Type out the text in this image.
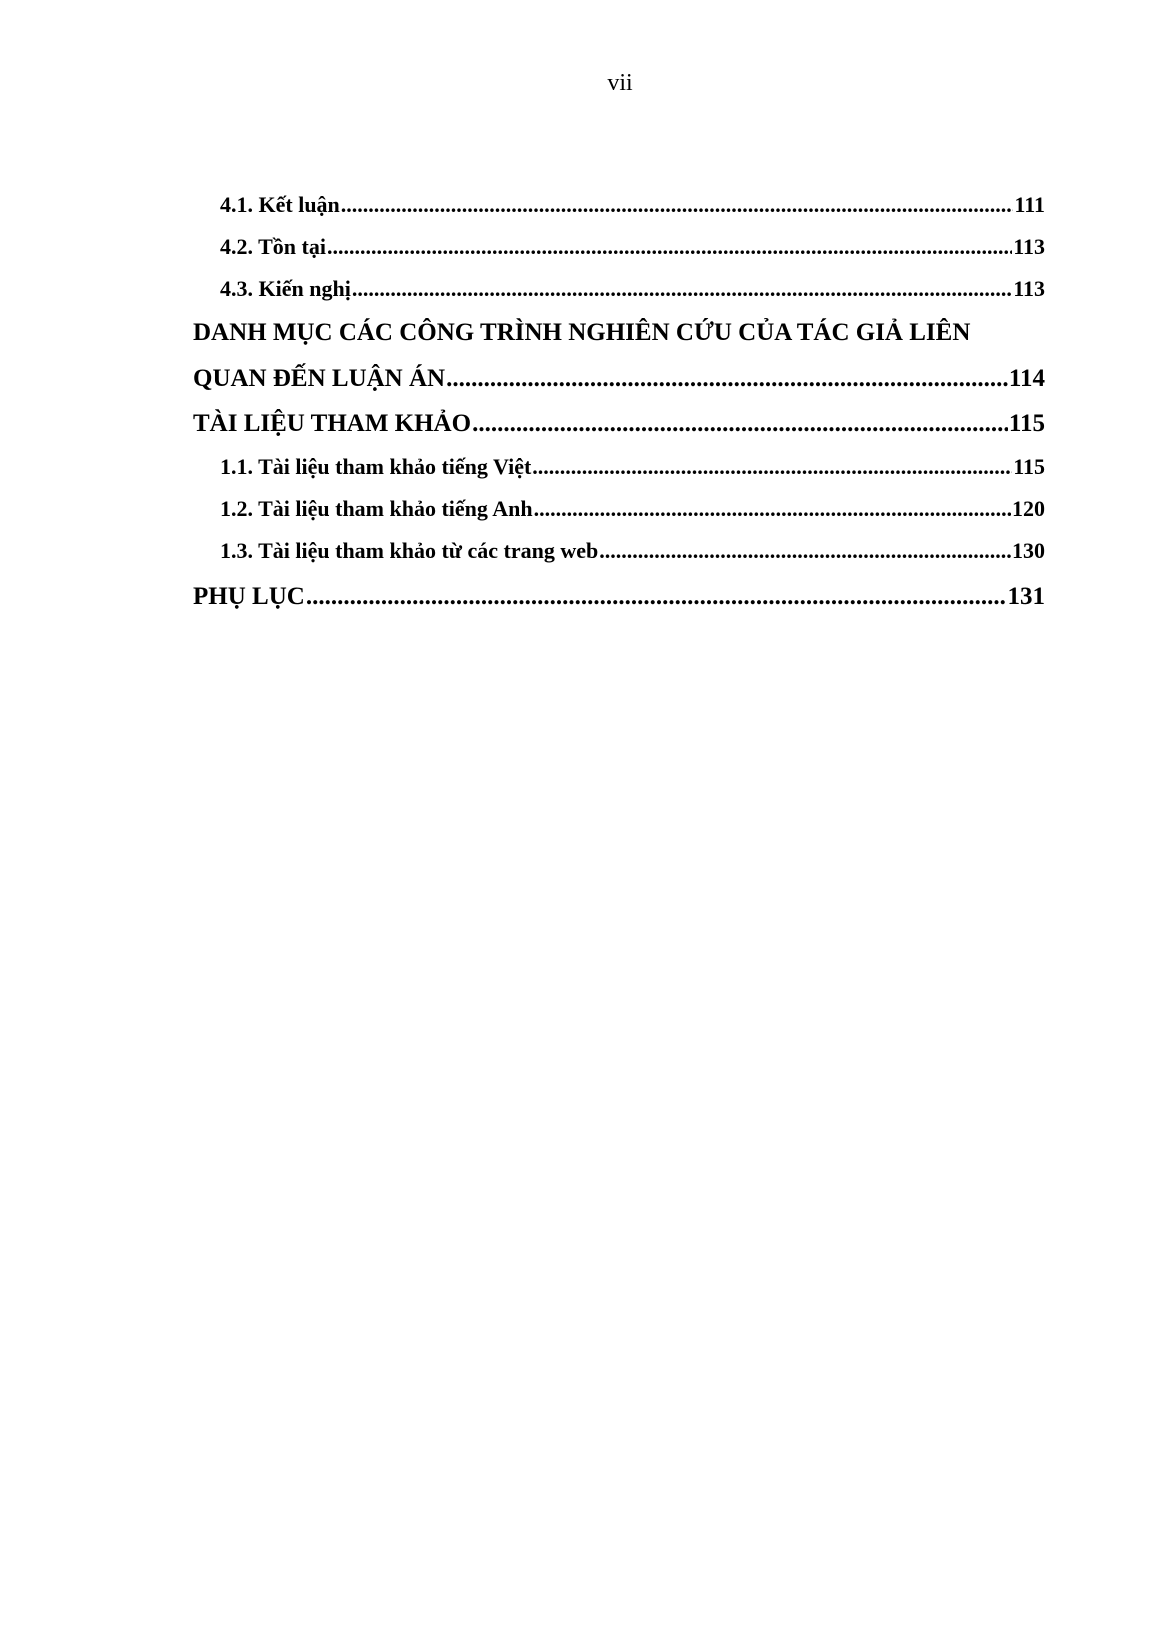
vii
4.1. Kết luận .....	111
4.2. Tồn tại .....	113
4.3. Kiến nghị .....	113
DANH MỤC CÁC CÔNG TRÌNH NGHIÊN CỨU CỦA TÁC GIẢ LIÊN
QUAN ĐẾN LUẬN ÁN .....	114
TÀI LIỆU THAM KHẢO .....	115
1.1. Tài liệu tham khảo tiếng Việt .....	115
1.2. Tài liệu tham khảo tiếng Anh .....	120
1.3. Tài liệu tham khảo từ các trang web .....	130
PHỤ LỤC .....	131
